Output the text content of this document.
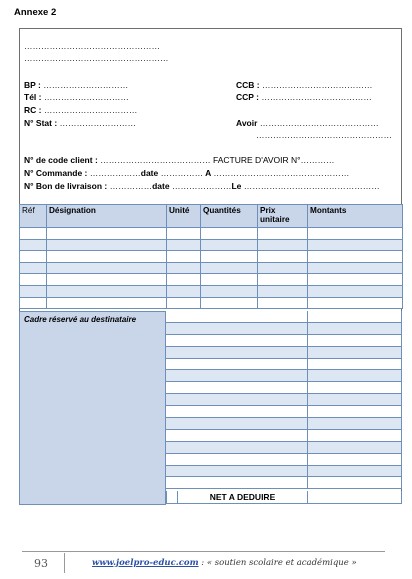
Annexe 2
…………………………………………
……………………………………………
BP : …………………………	CCB : …………………………………
Tél : …………………………	CCP : …………………………………
RC : ……………………………
N° Stat : ………………………	Avoir ……………………………………
…………………………………………
N° de code client : ………………………………… FACTURE D'AVOIR N°…………
N° Commande : ………………date …………… A …………………………………………
N° Bon de livraison : ……………date …………………Le …………………………………………
Réf	Désignation	Unité	Quantités	Prix unitaire	Montants

Cadre réservé au destinataire
NET A DEDUIRE
93	www.joelpro-educ.com : « soutien scolaire et académique »
